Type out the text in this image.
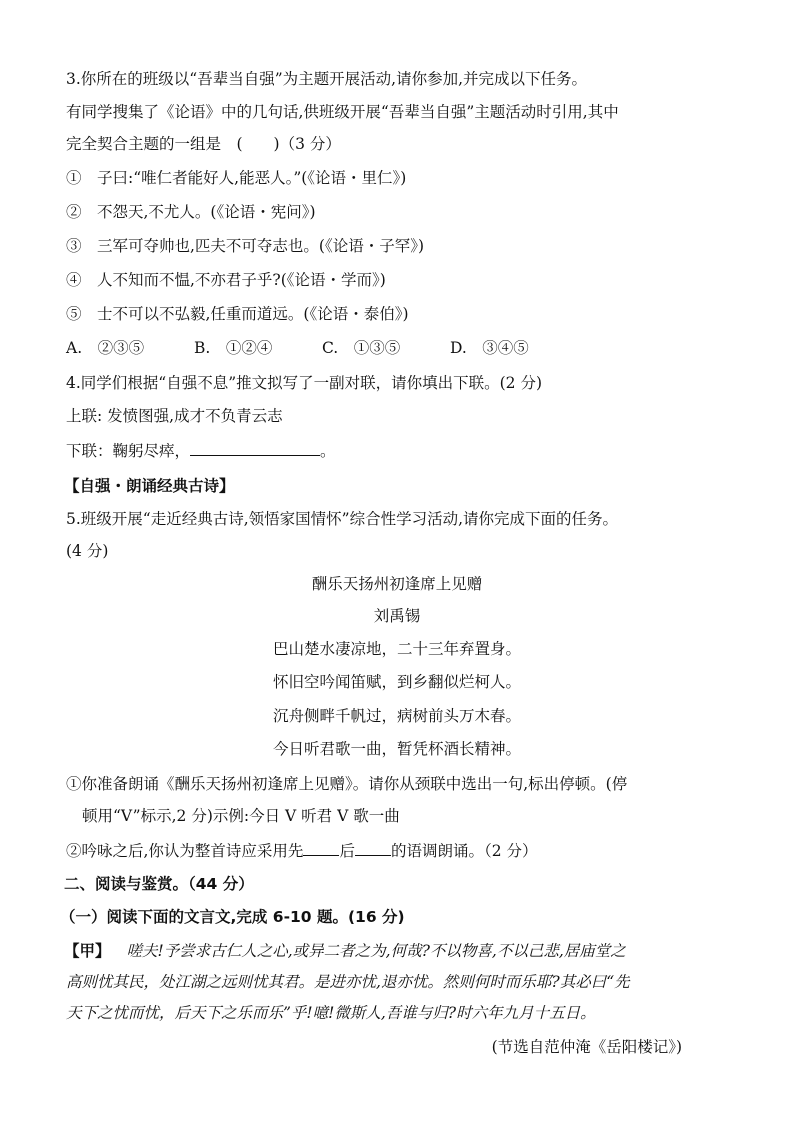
3.你所在的班级以“吾辈当自强”为主题开展活动,请你参加,并完成以下任务。
有同学搜集了《论语》中的几句话,供班级开展“吾辈当自强”主题活动时引用,其中
完全契合主题的一组是　(　　)（3 分）
①　子曰:“唯仁者能好人,能恶人。”(《论语・里仁》)
②　不怨天,不尤人。(《论语・宪问》)
③　三军可夺帅也,匹夫不可夺志也。(《论语・子罕》)
④　人不知而不愠,不亦君子乎?(《论语・学而》)
⑤　士不可以不弘毅,任重而道远。(《论语・泰伯》)
A.　②③⑤	B.　①②④	C.　①③⑤	D.　③④⑤
4.同学们根据“自强不息”推文拟写了一副对联，请你填出下联。(2 分)
上联: 发愤图强,成才不负青云志
下联：鞠躬尽瘁，	。
【自强・朗诵经典古诗】
5.班级开展“走近经典古诗,领悟家国情怀”综合性学习活动,请你完成下面的任务。
(4 分)
酬乐天扬州初逢席上见赠
刘禹锡
巴山楚水凄凉地，二十三年弃置身。
怀旧空吟闻笛赋，到乡翻似烂柯人。
沉舟侧畔千帆过，病树前头万木春。
今日听君歌一曲，暂凭杯酒长精神。
①你准备朗诵《酬乐天扬州初逢席上见赠》。请你从颈联中选出一句,标出停顿。(停
顿用“V”标示,2 分)示例:今日 V 听君 V 歌一曲
②吟咏之后,你认为整首诗应采用先 后 的语调朗诵。（2 分）
二、阅读与鉴赏。（44 分）
（一）阅读下面的文言文,完成 6-10 题。(16 分)
【甲】 嗟夫!予尝求古仁人之心,或异二者之为,何哉?不以物喜,不以己悲,居庙堂之
高则忧其民，处江湖之远则忧其君。是进亦忧,退亦忧。然则何时而乐耶?其必曰“先
天下之忧而忧，后天下之乐而乐”乎!噫!微斯人,吾谁与归?时六年九月十五日。
(节选自范仲淹《岳阳楼记》)
